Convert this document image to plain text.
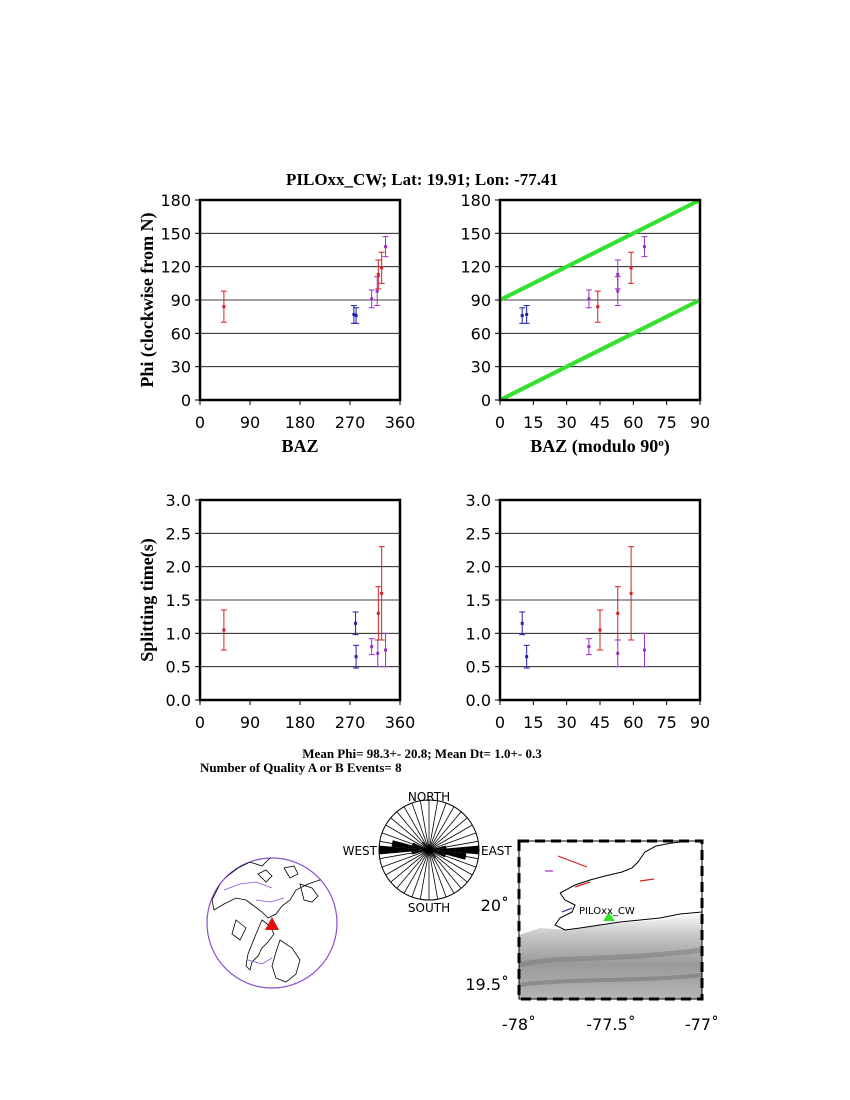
PILOxx_CW; Lat: 19.91; Lon: -77.41
0
30
60
90
120
150
180
0 90 180 270 360
BAZ
Phi (clockwise from N)
0
30
60
90
120
150
180
0 15 30 45 60 75 90
BAZ (modulo 90$^o$)
0.0
0.5
1.0
1.5
2.0
2.5
3.0
0 90 180 270 360
Splitting time(s)
0.0
0.5
1.0
1.5
2.0
2.5
3.0
0 15 30 45 60 75 90
Mean Phi= 98.3+- 20.8; Mean Dt= 1.0+- 0.3
Number of Quality A or B Events= 8
NORTH
SOUTH
WEST	EAST
PILOxx_CW
-78˚	-77.5˚	-77˚
20˚
19.5˚
